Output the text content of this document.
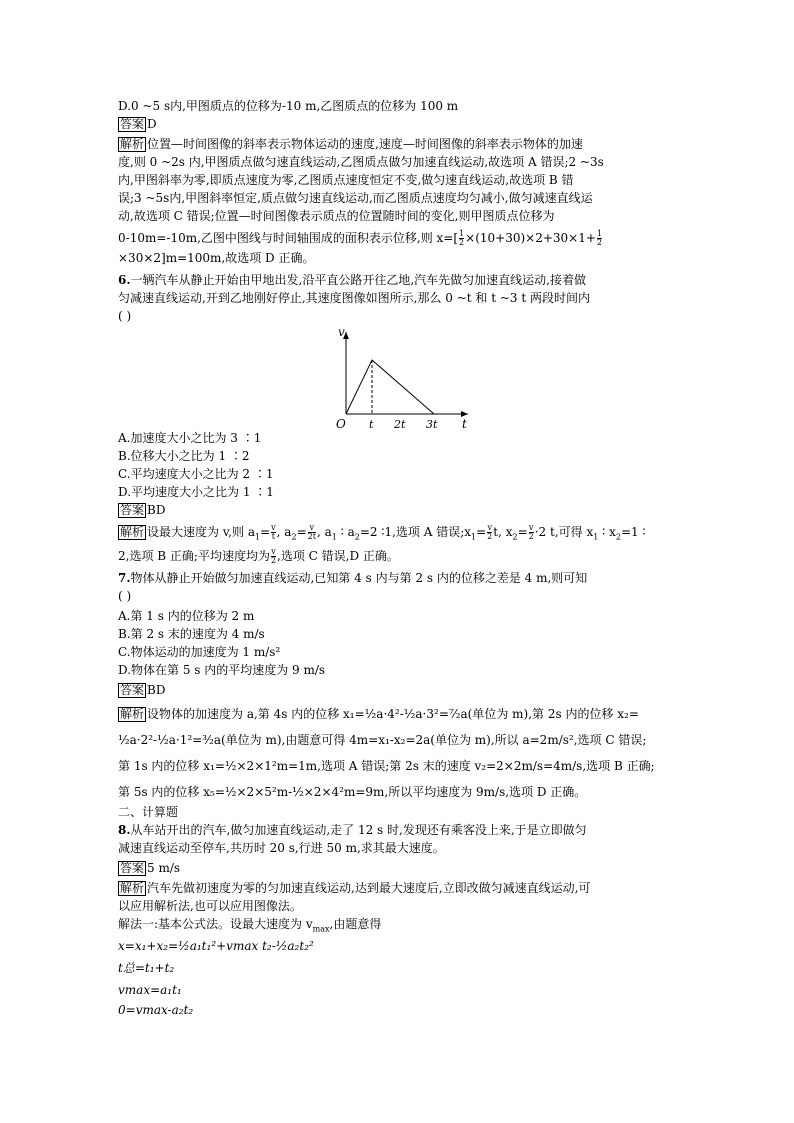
D.0 ~5 s内,甲图质点的位移为-10 m,乙图质点的位移为 100 m
答案 D
解析 位置—时间图像的斜率表示物体运动的速度,速度—时间图像的斜率表示物体的加速
度,则 0 ~2s 内,甲图质点做匀速直线运动,乙图质点做匀加速直线运动,故选项 A 错误;2 ~3s
内,甲图斜率为零,即质点速度为零,乙图质点速度恒定不变,做匀速直线运动,故选项 B 错
误;3 ~5s内,甲图斜率恒定,质点做匀速直线运动,而乙图质点速度均匀减小,做匀减速直线运
动,故选项 C 错误;位置—时间图像表示质点的位置随时间的变化,则甲图质点位移为
0-10m=-10m,乙图中图线与时间轴围成的面积表示位移,则 $x=[ \frac{1}{2} \times(10+30)\times 2+30\times 1+ \frac{1}{2}$
×30×2]m=100m,故选项 D 正确。
6.一辆汽车从静止开始由甲地出发,沿平直公路开往乙地,汽车先做匀加速直线运动,接着做
匀减速直线运动,开到乙地刚好停止,其速度图像如图所示,那么 0 ~t 和 t ~3 t 两段时间内
( )
v
O t 2t 3t t
A.加速度大小之比为 3 ∶1
B.位移大小之比为 1 ∶2
C.平均速度大小之比为 2 ∶1
D.平均速度大小之比为 1 ∶1
答案 BD
解析 设最大速度为 v,则 $a_1= \frac{v}{t}$ , $a_2= \frac{v}{2t}$ , $a_1$ ∶ $a_2=2$ ∶1,选项 A 错误$;x_1= \frac{v}{2} t$, $x_2= \frac{v}{2} \cdot 2$ t,可得 $x_1$ ∶ $x_2=1$ ∶
2,选项 B 正确;平均速度均为 $\frac{v}{2}$ ,选项 C 错误,D 正确。
7.物体从静止开始做匀加速直线运动,已知第 4 s 内与第 2 s 内的位移之差是 4 m,则可知
( )
A.第 1 s 内的位移为 2 m
B.第 2 s 末的速度为 4 m/s
C.物体运动的加速度为 1 m/s²
D.物体在第 5 s 内的平均速度为 9 m/s
答案 BD
解析 设物体的加速度为 a,第 4s 内的位移 x₁=½a·4²-½a·3²=⁷⁄₂a(单位为 m),第 2s 内的位移 x₂=
½a·2²-½a·1²=³⁄₂a(单位为 m),由题意可得 4m=x₁-x₂=2a(单位为 m),所以 a=2m/s²,选项 C 错误;
第 1s 内的位移 x₁=½×2×1²m=1m,选项 A 错误;第 2s 末的速度 v₂=2×2m/s=4m/s,选项 B 正确;
第 5s 内的位移 x₅=½×2×5²m-½×2×4²m=9m,所以平均速度为 9m/s,选项 D 正确。
二、计算题
8.从车站开出的汽车,做匀加速直线运动,走了 12 s 时,发现还有乘客没上来,于是立即做匀
减速直线运动至停车,共历时 20 s,行进 50 m,求其最大速度。
答案 5 m/s
解析 汽车先做初速度为零的匀加速直线运动,达到最大速度后,立即改做匀减速直线运动,可
以应用解析法,也可以应用图像法。
解法一:基本公式法。设最大速度为 $v_{max}$,由题意得
x=x₁+x₂=½a₁t₁²+vmax t₂-½a₂t₂²
t总=t₁+t₂
vmax=a₁t₁
0=vmax-a₂t₂
